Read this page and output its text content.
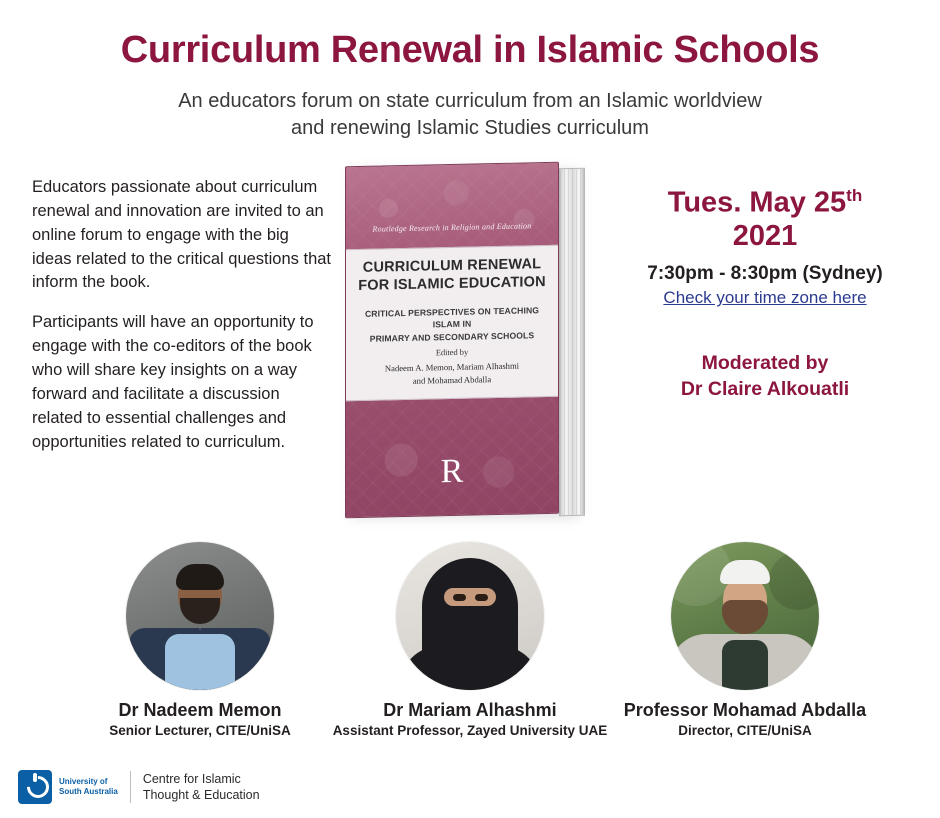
Curriculum Renewal in Islamic Schools
An educators forum on state curriculum from an Islamic worldview
and renewing Islamic Studies curriculum

Educators passionate about curriculum renewal and innovation are invited to an online forum to engage with the big ideas related to the critical questions that inform the book.

Participants will have an opportunity to engage with the co-editors of the book who will share key insights on a way forward and facilitate a discussion related to essential challenges and opportunities related to curriculum.

Routledge Research in Religion and Education
CURRICULUM RENEWAL
FOR ISLAMIC EDUCATION
CRITICAL PERSPECTIVES ON TEACHING ISLAM IN
PRIMARY AND SECONDARY SCHOOLS
Edited by
Nadeem A. Memon, Mariam Alhashmi
and Mohamad Abdalla
R
Tues. May 25th
2021
7:30pm - 8:30pm (Sydney)
Check your time zone here
Moderated by
Dr Claire Alkouatli
Dr Nadeem Memon
Senior Lecturer, CITE/UniSA
Dr Mariam Alhashmi
Assistant Professor, Zayed University UAE
Professor Mohamad Abdalla
Director, CITE/UniSA
University of
South Australia
Centre for Islamic
Thought & Education
